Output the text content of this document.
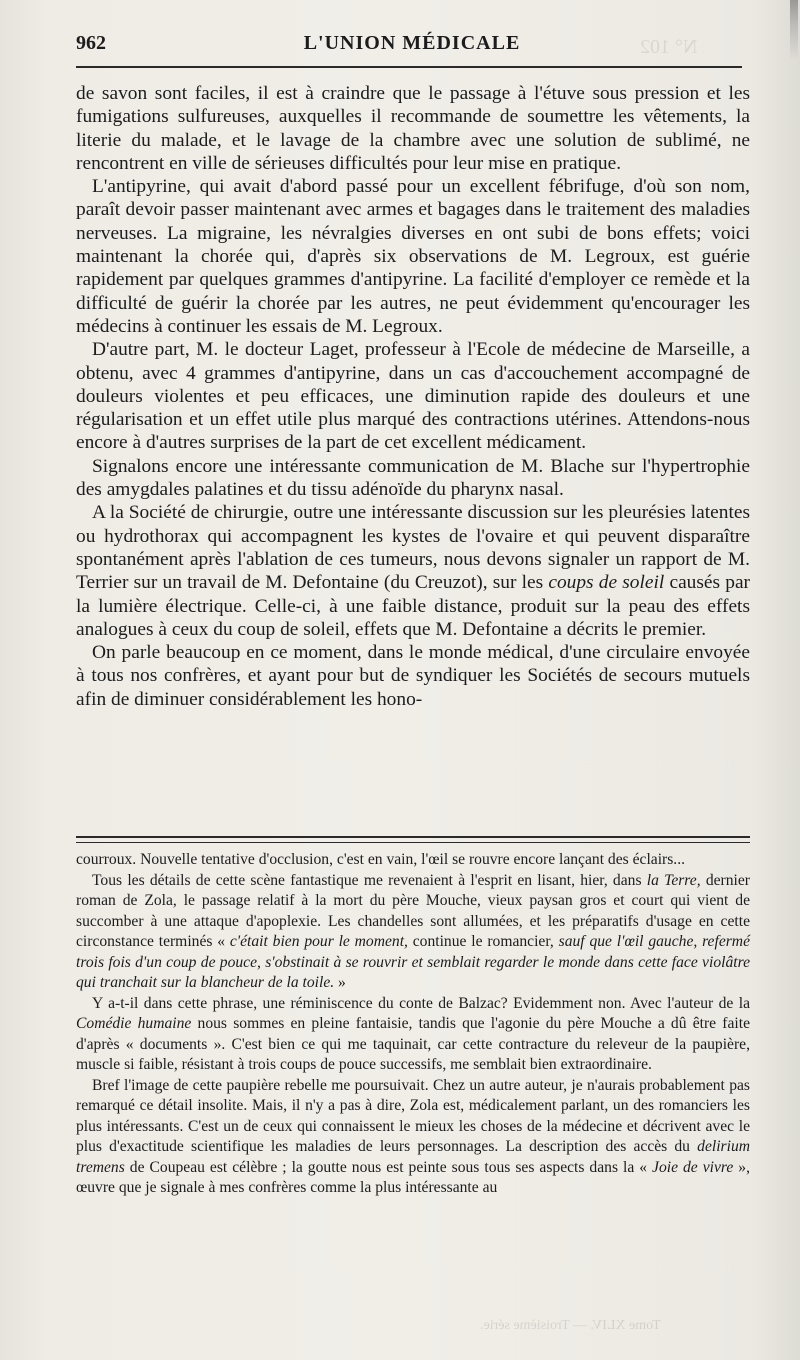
N° 102
962	L'UNION MÉDICALE

de savon sont faciles, il est à craindre que le passage à l'étuve sous pression et les fumigations sulfureuses, auxquelles il recommande de soumettre les vêtements, la literie du malade, et le lavage de la chambre avec une solution de sublimé, ne rencontrent en ville de sérieuses difficultés pour leur mise en pratique.

L'antipyrine, qui avait d'abord passé pour un excellent fébrifuge, d'où son nom, paraît devoir passer maintenant avec armes et bagages dans le traitement des maladies nerveuses. La migraine, les névralgies diverses en ont subi de bons effets; voici maintenant la chorée qui, d'après six observations de M. Legroux, est guérie rapidement par quelques grammes d'antipyrine. La facilité d'employer ce remède et la difficulté de guérir la chorée par les autres, ne peut évidemment qu'encourager les médecins à continuer les essais de M. Legroux.

D'autre part, M. le docteur Laget, professeur à l'Ecole de médecine de Marseille, a obtenu, avec 4 grammes d'antipyrine, dans un cas d'accouchement accompagné de douleurs violentes et peu efficaces, une diminution rapide des douleurs et une régularisation et un effet utile plus marqué des contractions utérines. Attendons-nous encore à d'autres surprises de la part de cet excellent médicament.

Signalons encore une intéressante communication de M. Blache sur l'hypertrophie des amygdales palatines et du tissu adénoïde du pharynx nasal.

A la Société de chirurgie, outre une intéressante discussion sur les pleurésies latentes ou hydrothorax qui accompagnent les kystes de l'ovaire et qui peuvent disparaître spontanément après l'ablation de ces tumeurs, nous devons signaler un rapport de M. Terrier sur un travail de M. Defontaine (du Creuzot), sur les coups de soleil causés par la lumière électrique. Celle-ci, à une faible distance, produit sur la peau des effets analogues à ceux du coup de soleil, effets que M. Defontaine a décrits le premier.

On parle beaucoup en ce moment, dans le monde médical, d'une circulaire envoyée à tous nos confrères, et ayant pour but de syndiquer les Sociétés de secours mutuels afin de diminuer considérablement les hono-

courroux. Nouvelle tentative d'occlusion, c'est en vain, l'œil se rouvre encore lançant des éclairs...

Tous les détails de cette scène fantastique me revenaient à l'esprit en lisant, hier, dans la Terre, dernier roman de Zola, le passage relatif à la mort du père Mouche, vieux paysan gros et court qui vient de succomber à une attaque d'apoplexie. Les chandelles sont allumées, et les préparatifs d'usage en cette circonstance terminés « c'était bien pour le moment, continue le romancier, sauf que l'œil gauche, refermé trois fois d'un coup de pouce, s'obstinait à se rouvrir et semblait regarder le monde dans cette face violâtre qui tranchait sur la blancheur de la toile. »

Y a-t-il dans cette phrase, une réminiscence du conte de Balzac? Evidemment non. Avec l'auteur de la Comédie humaine nous sommes en pleine fantaisie, tandis que l'agonie du père Mouche a dû être faite d'après « documents ». C'est bien ce qui me taquinait, car cette contracture du releveur de la paupière, muscle si faible, résistant à trois coups de pouce successifs, me semblait bien extraordinaire.

Bref l'image de cette paupière rebelle me poursuivait. Chez un autre auteur, je n'aurais probablement pas remarqué ce détail insolite. Mais, il n'y a pas à dire, Zola est, médicalement parlant, un des romanciers les plus intéressants. C'est un de ceux qui connaissent le mieux les choses de la médecine et décrivent avec le plus d'exactitude scientifique les maladies de leurs personnages. La description des accès du delirium tremens de Coupeau est célèbre ; la goutte nous est peinte sous tous ses aspects dans la « Joie de vivre », œuvre que je signale à mes confrères comme la plus intéressante au

Tome XLIV. — Troisième série.
